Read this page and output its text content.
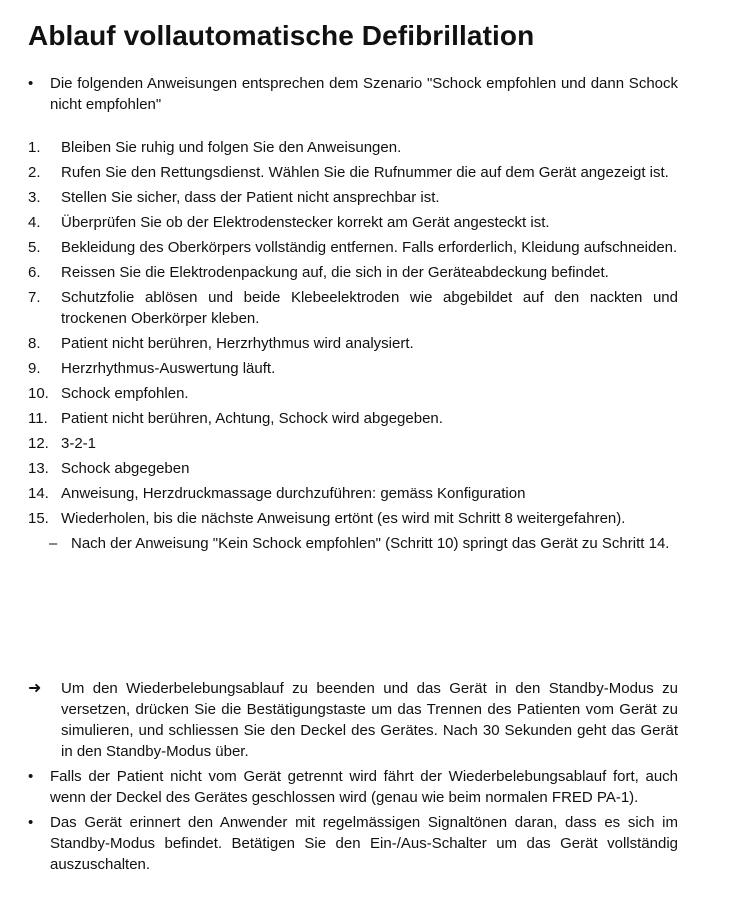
Ablauf vollautomatische Defibrillation
• Die folgenden Anweisungen entsprechen dem Szenario "Schock empfohlen und dann Schock nicht empfohlen"
1. Bleiben Sie ruhig und folgen Sie den Anweisungen.
2. Rufen Sie den Rettungsdienst. Wählen Sie die Rufnummer die auf dem Gerät angezeigt ist.
3. Stellen Sie sicher, dass der Patient nicht ansprechbar ist.
4. Überprüfen Sie ob der Elektrodenstecker korrekt am Gerät angesteckt ist.
5. Bekleidung des Oberkörpers vollständig entfernen. Falls erforderlich, Kleidung aufschneiden.
6. Reissen Sie die Elektrodenpackung auf, die sich in der Geräteabdeckung befindet.
7. Schutzfolie ablösen und beide Klebeelektroden wie abgebildet auf den nackten und trockenen Oberkörper kleben.
8. Patient nicht berühren, Herzrhythmus wird analysiert.
9. Herzrhythmus-Auswertung läuft.
10. Schock empfohlen.
11. Patient nicht berühren, Achtung, Schock wird abgegeben.
12. 3-2-1
13. Schock abgegeben
14. Anweisung, Herzdruckmassage durchzuführen: gemäss Konfiguration
15. Wiederholen, bis die nächste Anweisung ertönt (es wird mit Schritt 8 weitergefahren).
– Nach der Anweisung "Kein Schock empfohlen" (Schritt 10) springt das Gerät zu Schritt 14.
➜ Um den Wiederbelebungsablauf zu beenden und das Gerät in den Standby-Modus zu versetzen, drücken Sie die Bestätigungstaste um das Trennen des Patienten vom Gerät zu simulieren, und schliessen Sie den Deckel des Gerätes. Nach 30 Sekunden geht das Gerät in den Standby-Modus über.
• Falls der Patient nicht vom Gerät getrennt wird fährt der Wiederbelebungsablauf fort, auch wenn der Deckel des Gerätes geschlossen wird (genau wie beim normalen FRED PA-1).
• Das Gerät erinnert den Anwender mit regelmässigen Signaltönen daran, dass es sich im Standby-Modus befindet. Betätigen Sie den Ein-/Aus-Schalter um das Gerät vollständig auszuschalten.
